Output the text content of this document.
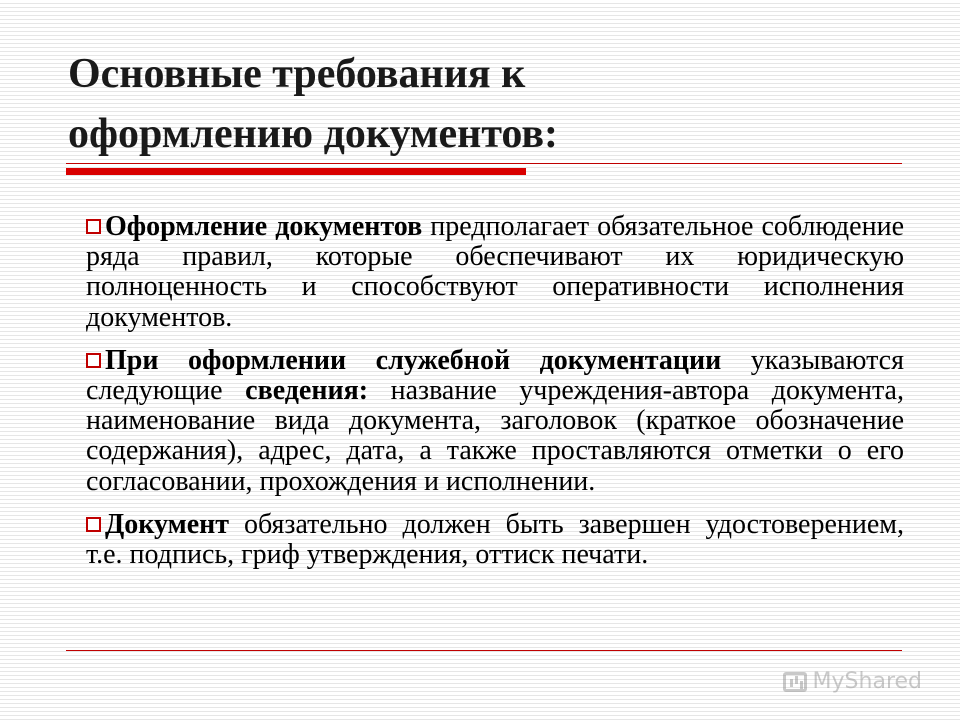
Основные требования к
оформлению документов:

Оформление документов предполагает обязательное соблюдение ряда правил, которые обеспечивают их юридическую полноценность и способствуют оперативности исполнения документов.

При оформлении служебной документации указываются следующие сведения: название учреждения-автора документа, наименование вида документа, заголовок (краткое обозначение содержания), адрес, дата, а также проставляются отметки о его согласовании, прохождения и исполнении.

Документ обязательно должен быть завершен удостоверением, т.е. подпись, гриф утверждения, оттиск печати.

MyShared
